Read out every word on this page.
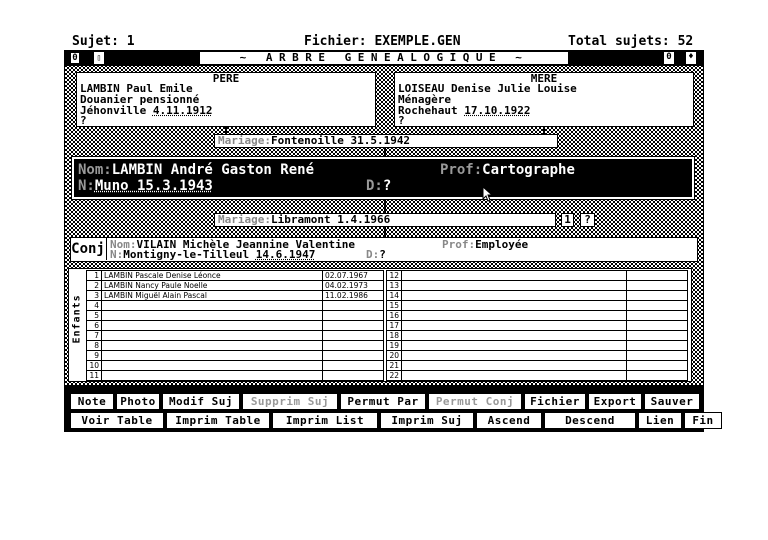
Sujet: 1	Fichier: EXEMPLE.GEN	Total sujets: 52
0	▯	~ ARBRE GENEALOGIQUE ~	0 ♦
PERE
LAMBIN Paul Emile
Douanier pensionné
Jéhonville 4.11.1912
?
MERE
LOISEAU Denise Julie Louise
Ménagère
Rochehaut 17.10.1922
?
Mariage:Fontenoille 31.5.1942
Nom:LAMBIN André Gaston René	Prof:Cartographe
N:Muno 15.3.1943	D:?
Mariage:Libramont 1.4.1966	1	?
Conj Nom:VILAIN Michèle Jeannine Valentine	Prof:Employée
N:Montigny-le-Tilleul 14.6.1947	D:?
1	LAMBIN Pascale Denise Léonce	02.07.1967
2	LAMBIN Nancy Paule Noelle	04.02.1973
3	LAMBIN Miguël Alain Pascal	11.02.1986
4		
5		
6		
7		
8		
9		
10		
11		
12		
13		
14		
15		
16		
17		
18		
19		
20		
21		
22		
Note	Photo	Modif Suj	Supprim Suj	Permut Par	Permut Conj	Fichier	Export	Sauver
Voir Table	Imprim Table	Imprim List	Imprim Suj	Ascend	Descend	Lien	Fin
